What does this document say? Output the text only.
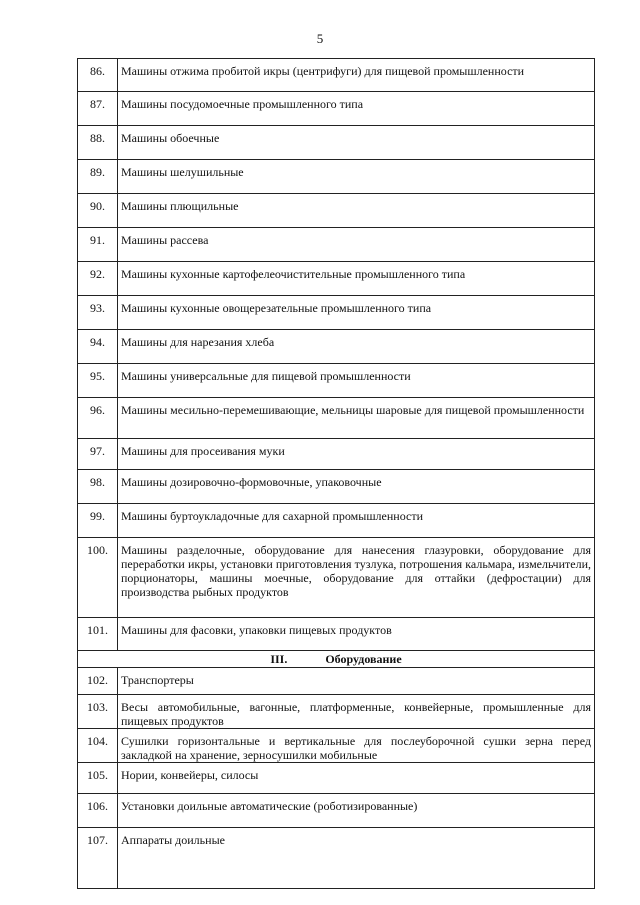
5
86.	Машины отжима пробитой икры (центрифуги) для пищевой промышленности
87.	Машины посудомоечные промышленного типа
88.	Машины обоечные
89.	Машины шелушильные
90.	Машины плющильные
91.	Машины рассева
92.	Машины кухонные картофелеочистительные промышленного типа
93.	Машины кухонные овощерезательные промышленного типа
94.	Машины для нарезания хлеба
95.	Машины универсальные для пищевой промышленности
96.	Машины месильно-перемешивающие, мельницы шаровые для пищевой промышленности
97.	Машины для просеивания муки
98.	Машины дозировочно-формовочные, упаковочные
99.	Машины буртоукладочные для сахарной промышленности
100.	Машины разделочные, оборудование для нанесения глазуровки, оборудование для переработки икры, установки приготовления тузлука, потрошения кальмара, измельчители, порционаторы, машины моечные, оборудование для оттайки (дефростации) для производства рыбных продуктов
101.	Машины для фасовки, упаковки пищевых продуктов
III. Оборудование	
102.	Транспортеры
103.	Весы автомобильные, вагонные, платформенные, конвейерные, промышленные для пищевых продуктов
104.	Сушилки горизонтальные и вертикальные для послеуборочной сушки зерна перед закладкой на хранение, зерносушилки мобильные
105.	Нории, конвейеры, силосы
106.	Установки доильные автоматические (роботизированные)
107.	Аппараты доильные
